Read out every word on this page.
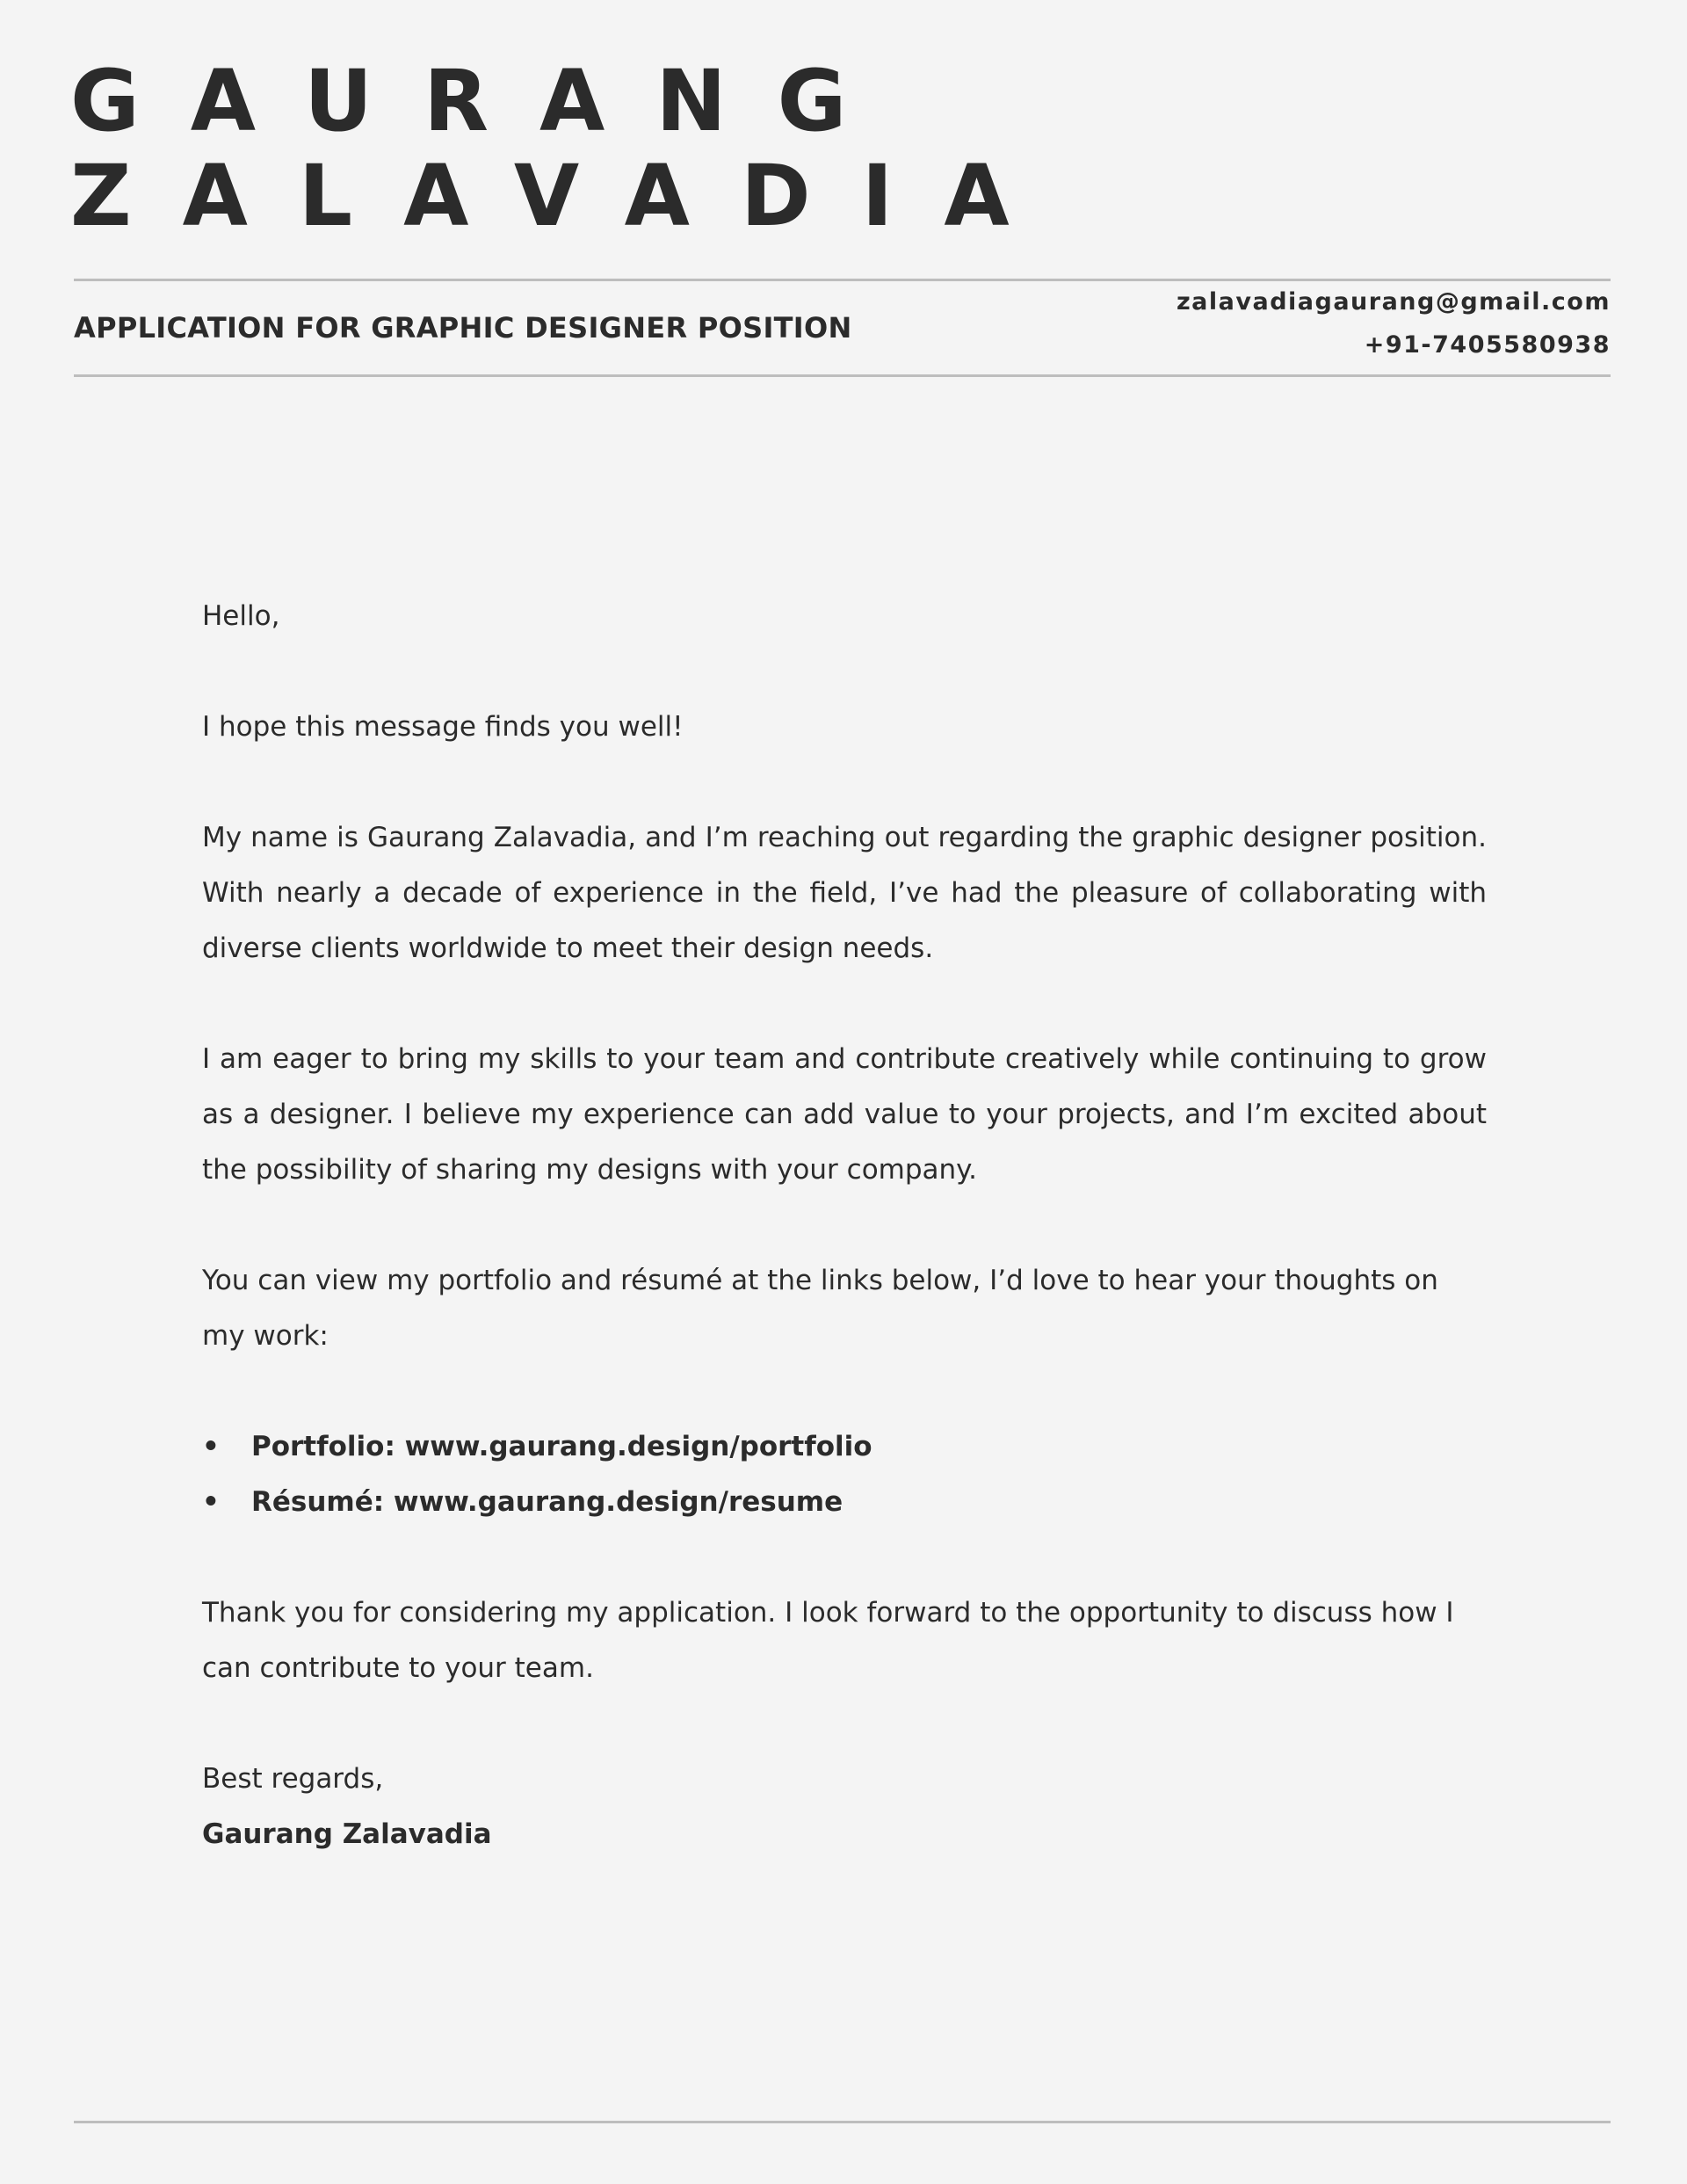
GAURANG
ZALAVADIA
APPLICATION FOR GRAPHIC DESIGNER POSITION
zalavadiagaurang@gmail.com
+91-7405580938

Hello,

I hope this message finds you well!

My name is Gaurang Zalavadia, and I’m reaching out regarding the graphic designer position. With nearly a decade of experience in the field, I’ve had the pleasure of collaborating with diverse clients worldwide to meet their design needs.

I am eager to bring my skills to your team and contribute creatively while continuing to grow as a designer. I believe my experience can add value to your projects, and I’m excited about the possibility of sharing my designs with your company.

You can view my portfolio and résumé at the links below, I’d love to hear your thoughts on my work:

• Portfolio: www.gaurang.design/portfolio
• Résumé: www.gaurang.design/resume

Thank you for considering my application. I look forward to the opportunity to discuss how I can contribute to your team.

Best regards,
Gaurang Zalavadia
